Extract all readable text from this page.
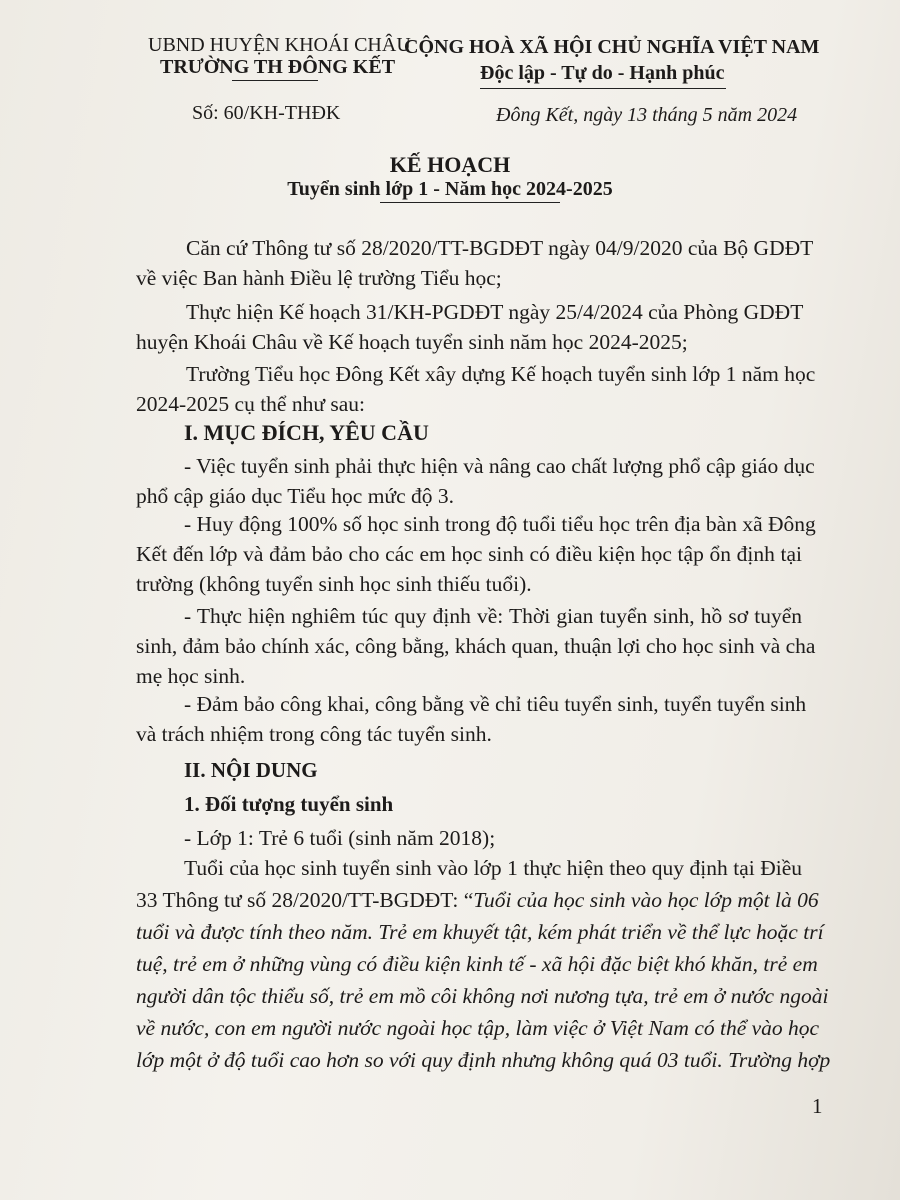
UBND HUYỆN KHOÁI CHÂU
TRƯỜNG TH ĐÔNG KẾT
CỘNG HOÀ XÃ HỘI CHỦ NGHĨA VIỆT NAM
Độc lập - Tự do - Hạnh phúc
Số: 60/KH-THĐK	Đông Kết, ngày 13 tháng 5 năm 2024
KẾ HOẠCH
Tuyển sinh lớp 1 - Năm học 2024-2025
Căn cứ Thông tư số 28/2020/TT-BGDĐT ngày 04/9/2020 của Bộ GDĐT
về việc Ban hành Điều lệ trường Tiểu học;
Thực hiện Kế hoạch 31/KH-PGDĐT ngày 25/4/2024 của Phòng GDĐT
huyện Khoái Châu về Kế hoạch tuyển sinh năm học 2024-2025;
Trường Tiểu học Đông Kết xây dựng Kế hoạch tuyển sinh lớp 1 năm học
2024-2025 cụ thể như sau:
I. MỤC ĐÍCH, YÊU CẦU
- Việc tuyển sinh phải thực hiện và nâng cao chất lượng phổ cập giáo dục
phổ cập giáo dục Tiểu học mức độ 3.
- Huy động 100% số học sinh trong độ tuổi tiểu học trên địa bàn xã Đông
Kết đến lớp và đảm bảo cho các em học sinh có điều kiện học tập ổn định tại
trường (không tuyển sinh học sinh thiếu tuổi).
- Thực hiện nghiêm túc quy định về: Thời gian tuyển sinh, hồ sơ tuyển
sinh, đảm bảo chính xác, công bằng, khách quan, thuận lợi cho học sinh và cha
mẹ học sinh.
- Đảm bảo công khai, công bằng về chỉ tiêu tuyển sinh, tuyển tuyển sinh
và trách nhiệm trong công tác tuyển sinh.
II. NỘI DUNG
1. Đối tượng tuyển sinh
- Lớp 1: Trẻ 6 tuổi (sinh năm 2018);
Tuổi của học sinh tuyển sinh vào lớp 1 thực hiện theo quy định tại Điều
33 Thông tư số 28/2020/TT-BGDĐT: “Tuổi của học sinh vào học lớp một là 06
tuổi và được tính theo năm. Trẻ em khuyết tật, kém phát triển về thể lực hoặc trí
tuệ, trẻ em ở những vùng có điều kiện kinh tế - xã hội đặc biệt khó khăn, trẻ em
người dân tộc thiểu số, trẻ em mồ côi không nơi nương tựa, trẻ em ở nước ngoài
về nước, con em người nước ngoài học tập, làm việc ở Việt Nam có thể vào học
lớp một ở độ tuổi cao hơn so với quy định nhưng không quá 03 tuổi. Trường hợp
1
